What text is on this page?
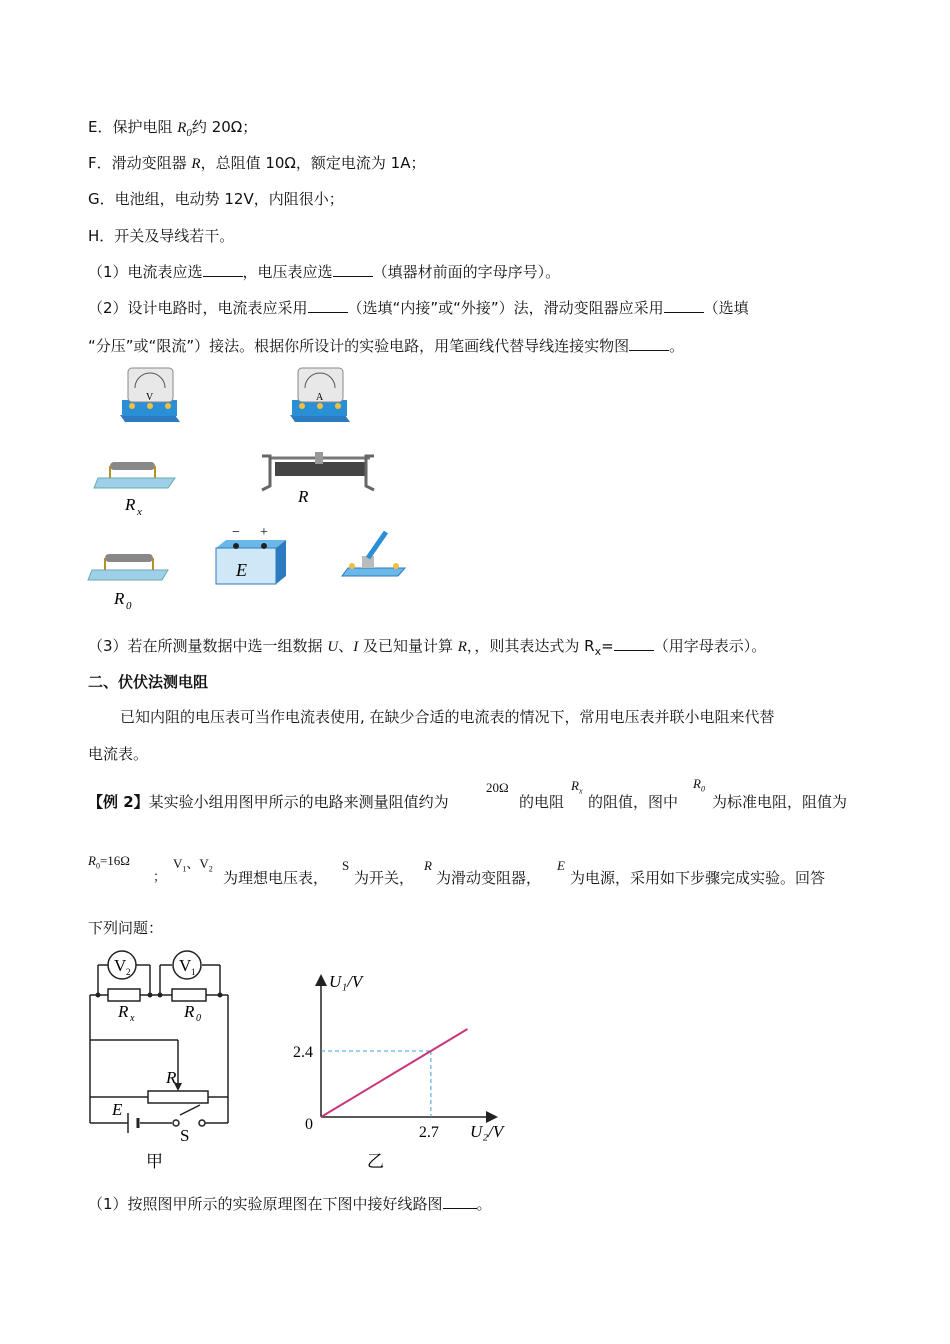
E．保护电阻 $R_0$约 20Ω；
F．滑动变阻器 R，总阻值 10Ω，额定电流为 1A；
G．电池组，电动势 12V，内阻很小；
H．开关及导线若干。
（1）电流表应选	，电压表应选	（填器材前面的字母序号）。
（2）设计电路时，电流表应采用	（选填“内接”或“外接”）法，滑动变阻器应采用	（选填
“分压”或“限流”）接法。根据你所设计的实验电路，用笔画线代替导线连接实物图	。
V	A
R x
R
R 0
− +
E
（3）若在所测量数据中选一组数据 U、I 及已知量计算 R，，则其表达式为 $R_x=$	（用字母表示）。
二、伏伏法测电阻
已知内阻的电压表可当作电流表使用, 在缺少合适的电流表的情况下，常用电压表并联小电阻来代替
电流表。
【例 2】某实验小组用图甲所示的电路来测量阻值约为
20Ω
的电阻
$R_x$
的阻值，图中
$R_0$
为标准电阻，阻值为
$R_0=16\Omega$
；
$V_1$、$V_2$ 为理想电压表，
S
为开关，
R
为滑动变阻器，
E
为电源，采用如下步骤完成实验。回答
下列问题：
V 2	V 1
R x	R 0
R
E
S
甲
U₁/V
U₂/V
0
2.4
2.7
乙
（1）按照图甲所示的实验原理图在下图中接好线路图 。
